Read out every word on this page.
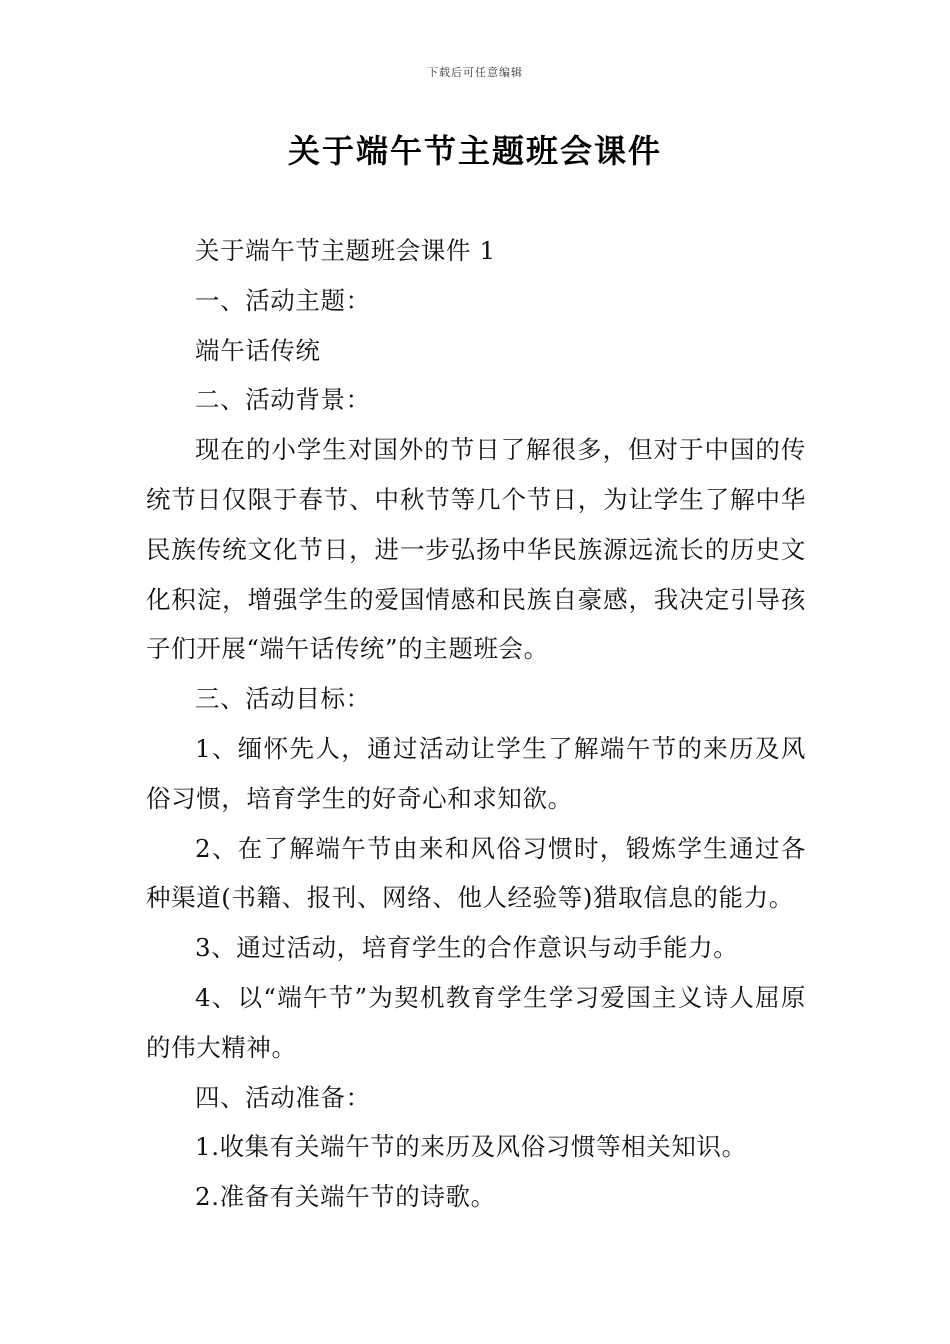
下载后可任意编辑
关于端午节主题班会课件

关于端午节主题班会课件 1

一、活动主题：

端午话传统

二、活动背景：

现在的小学生对国外的节日了解很多，但对于中国的传统节日仅限于春节、中秋节等几个节日，为让学生了解中华民族传统文化节日，进一步弘扬中华民族源远流长的历史文化积淀，增强学生的爱国情感和民族自豪感，我决定引导孩子们开展“端午话传统”的主题班会。

三、活动目标：

1、缅怀先人，通过活动让学生了解端午节的来历及风俗习惯，培育学生的好奇心和求知欲。

2、在了解端午节由来和风俗习惯时，锻炼学生通过各种渠道(书籍、报刊、网络、他人经验等)猎取信息的能力。

3、通过活动，培育学生的合作意识与动手能力。

4、以“端午节”为契机教育学生学习爱国主义诗人屈原的伟大精神。

四、活动准备：

1.收集有关端午节的来历及风俗习惯等相关知识。

2.准备有关端午节的诗歌。
